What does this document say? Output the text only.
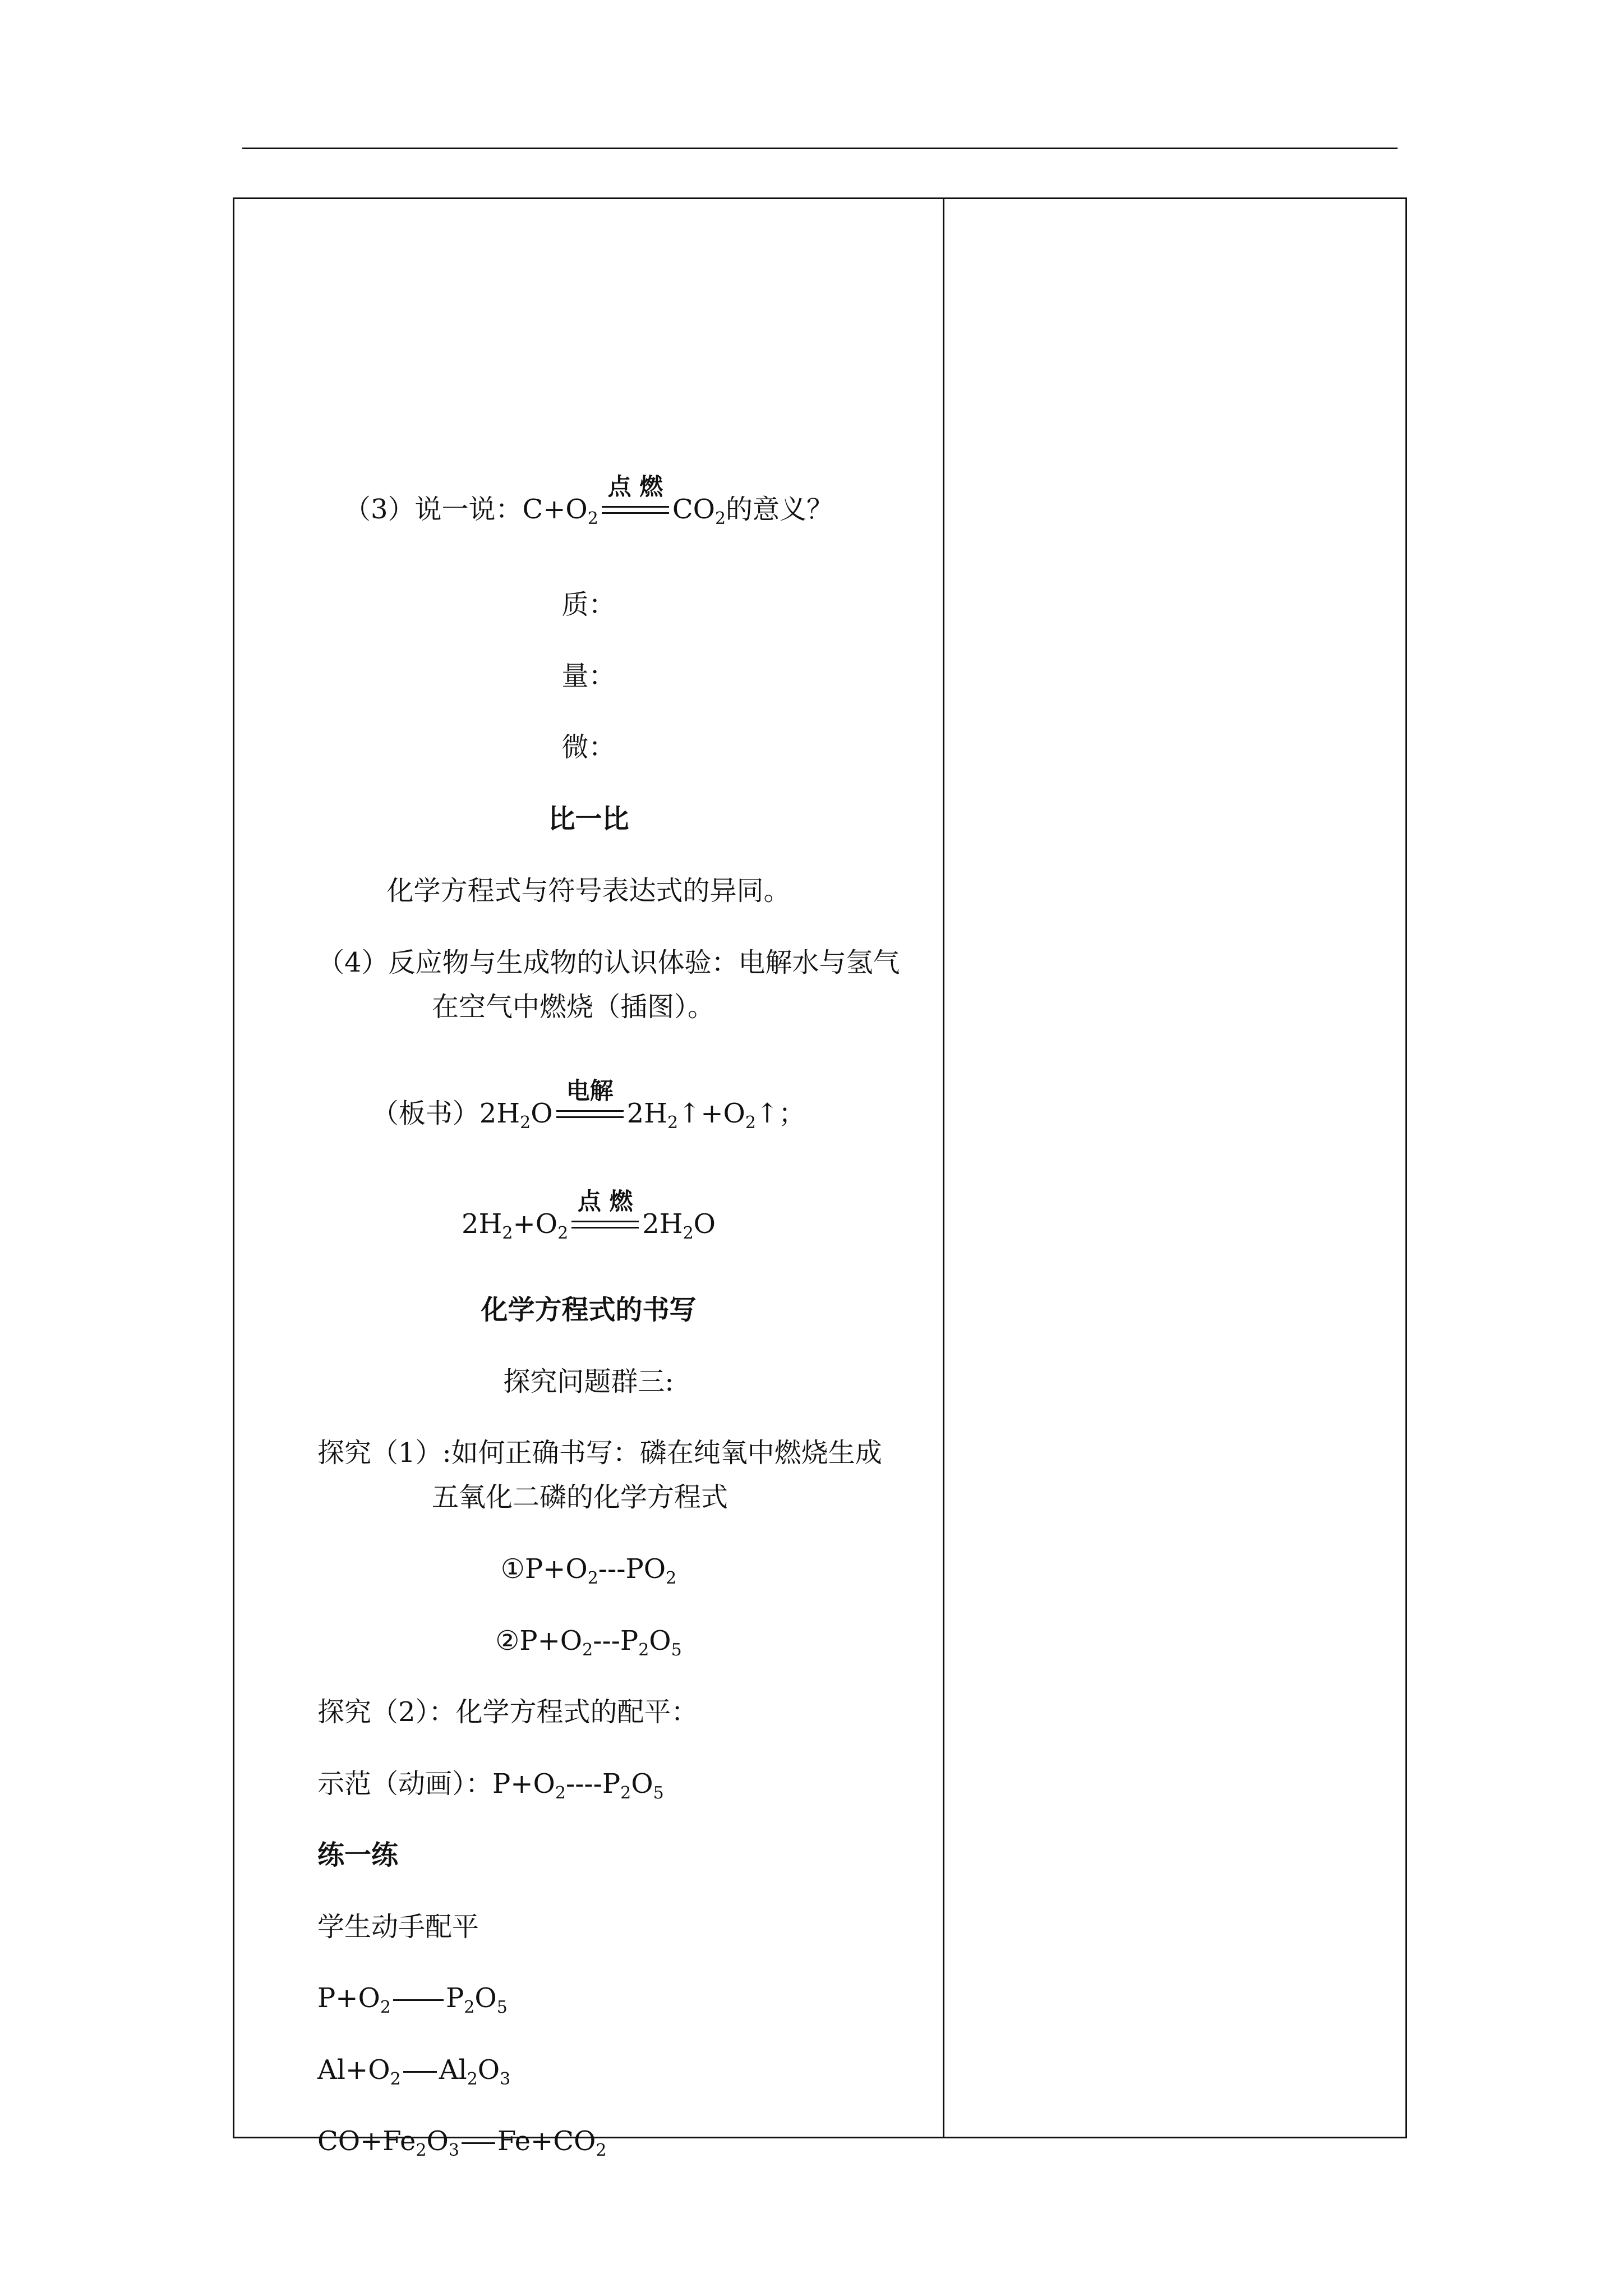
（3）说一说：$C+O_2$
点 燃
$CO_2$的意义？
质：
量：
微：
比一比
化学方程式与符号表达式的异同。
（4）反应物与生成物的认识体验：电解水与氢气
在空气中燃烧（插图）。
（板书）$2H_2O$
电解
$2H_2↑+O_2↑$；
$2H_2+O_2$
点 燃
$2H_2O$
化学方程式的书写
探究问题群三:
探究（1）:如何正确书写：磷在纯氧中燃烧生成
五氧化二磷的化学方程式
$①P+O_2---PO_2$
$②P+O_2---P_2O_5$
探究（2）：化学方程式的配平：
示范（动画）：$P+O_2----P_2O_5$
练一练
学生动手配平
$P+O_2$ $P_2O_5$
$Al+O_2$ $Al_2O_3$
$CO+Fe_2O_3$ $Fe+CO_2$
